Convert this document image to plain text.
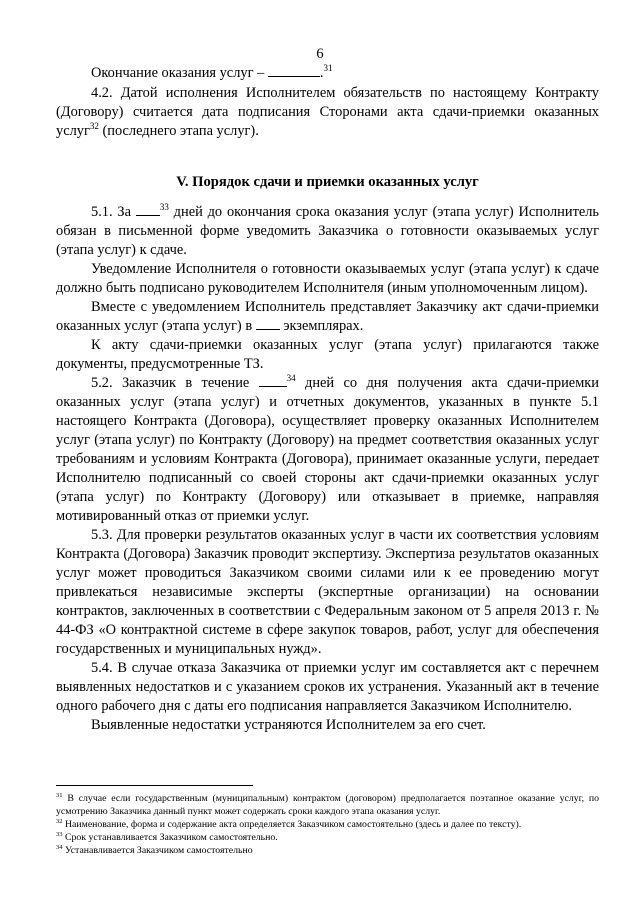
6

Окончание оказания услуг –	.$^{31}$

4.2. Датой исполнения Исполнителем обязательств по настоящему Контракту (Договору) считается дата подписания Сторонами акта сдачи-приемки оказанных услуг$^{32}$ (последнего этапа услуг).

V. Порядок сдачи и приемки оказанных услуг

5.1. За	$^{33}$ дней до окончания срока оказания услуг (этапа услуг) Исполнитель обязан в письменной форме уведомить Заказчика о готовности оказываемых услуг (этапа услуг) к сдаче.

Уведомление Исполнителя о готовности оказываемых услуг (этапа услуг) к сдаче должно быть подписано руководителем Исполнителя (иным уполномоченным лицом).

Вместе с уведомлением Исполнитель представляет Заказчику акт сдачи-приемки оказанных услуг (этапа услуг) в  экземплярах.

К акту сдачи-приемки оказанных услуг (этапа услуг) прилагаются также документы, предусмотренные ТЗ.

5.2. Заказчик в течение	$^{34}$ дней со дня получения акта сдачи-приемки оказанных услуг (этапа услуг) и отчетных документов, указанных в пункте 5.1 настоящего Контракта (Договора), осуществляет проверку оказанных Исполнителем услуг (этапа услуг) по Контракту (Договору) на предмет соответствия оказанных услуг требованиям и условиям Контракта (Договора), принимает оказанные услуги, передает Исполнителю подписанный со своей стороны акт сдачи-приемки оказанных услуг (этапа услуг) по Контракту (Договору) или отказывает в приемке, направляя мотивированный отказ от приемки услуг.

5.3. Для проверки результатов оказанных услуг в части их соответствия условиям Контракта (Договора) Заказчик проводит экспертизу. Экспертиза результатов оказанных услуг может проводиться Заказчиком своими силами или к ее проведению могут привлекаться независимые эксперты (экспертные организации) на основании контрактов, заключенных в соответствии с Федеральным законом от 5 апреля 2013 г. № 44-ФЗ «О контрактной системе в сфере закупок товаров, работ, услуг для обеспечения государственных и муниципальных нужд».

5.4. В случае отказа Заказчика от приемки услуг им составляется акт с перечнем выявленных недостатков и с указанием сроков их устранения. Указанный акт в течение одного рабочего дня с даты его подписания направляется Заказчиком Исполнителю.

Выявленные недостатки устраняются Исполнителем за его счет.

$^{31}$ В случае если государственным (муниципальным) контрактом (договором) предполагается поэтапное оказание услуг, по усмотрению Заказчика данный пункт может содержать сроки каждого этапа оказания услуг.
$^{32}$ Наименование, форма и содержание акта определяется Заказчиком самостоятельно (здесь и далее по тексту).
$^{33}$ Срок устанавливается Заказчиком самостоятельно.
$^{34}$ Устанавливается Заказчиком самостоятельно
